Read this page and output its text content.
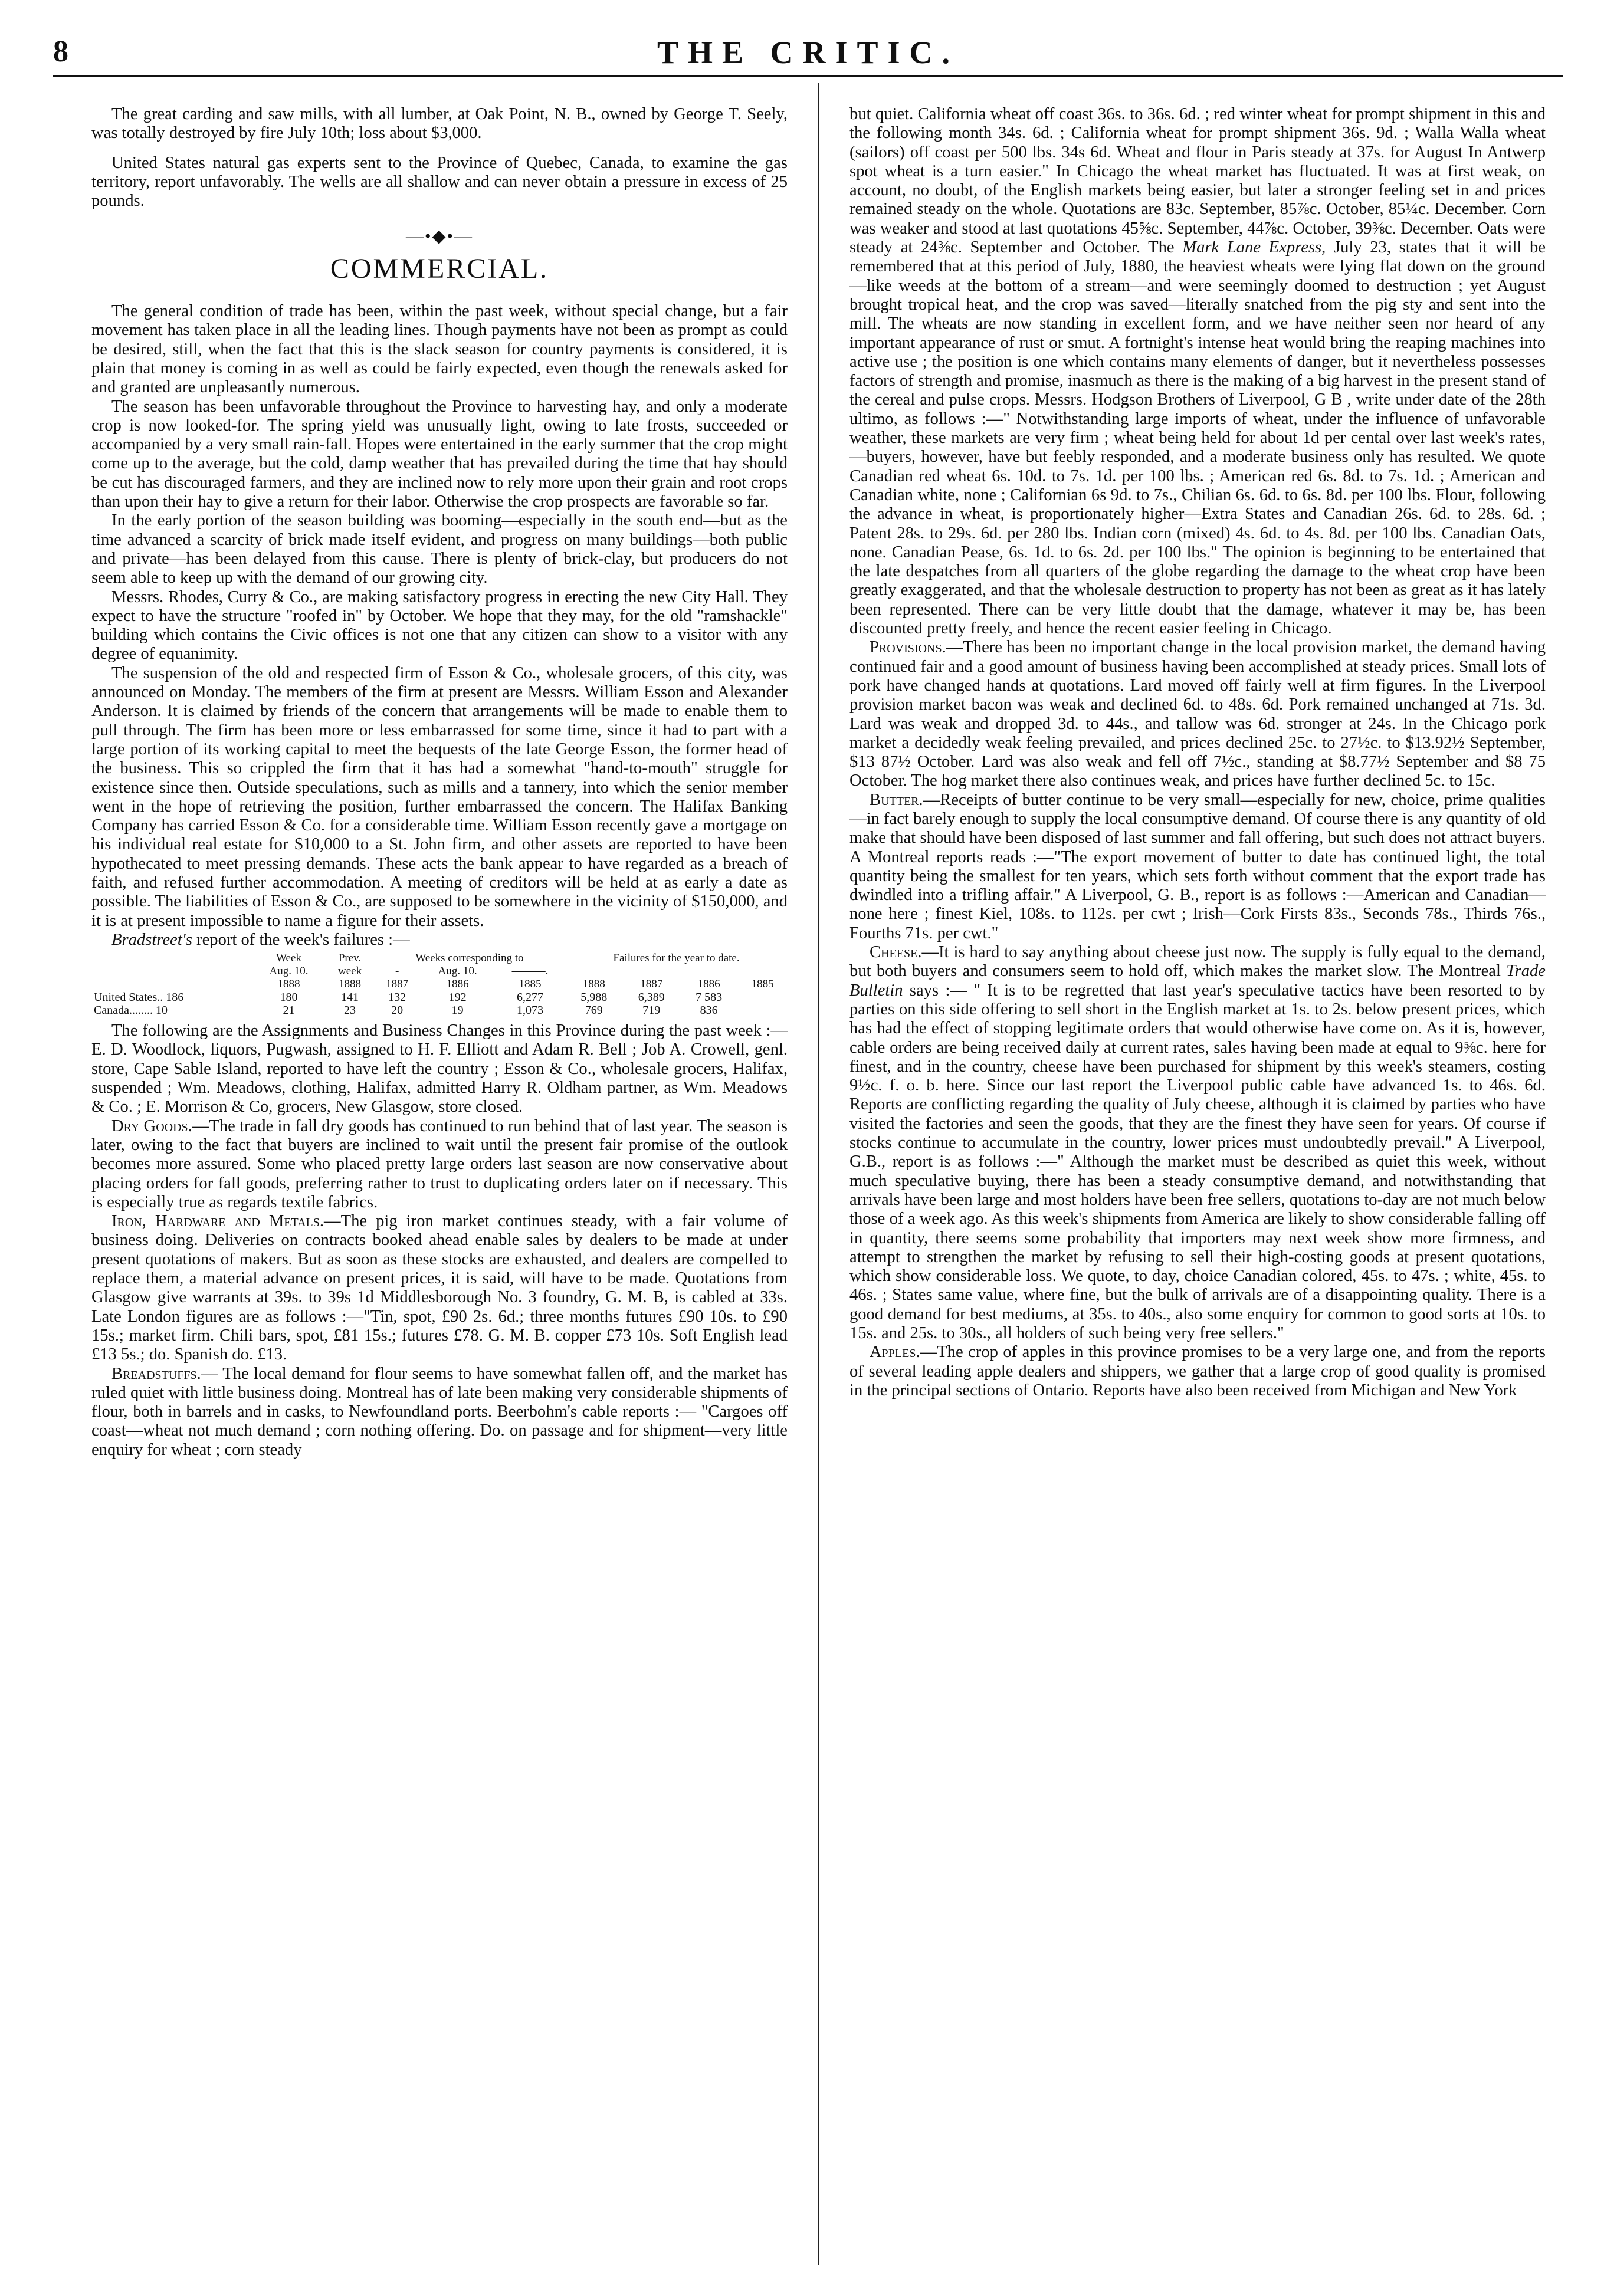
8	THE CRITIC.

The great carding and saw mills, with all lumber, at Oak Point, N. B., owned by George T. Seely, was totally destroyed by fire July 10th; loss about $3,000.

United States natural gas experts sent to the Province of Quebec, Canada, to examine the gas territory, report unfavorably. The wells are all shallow and can never obtain a pressure in excess of 25 pounds.

—•◆•—
COMMERCIAL.

The general condition of trade has been, within the past week, without special change, but a fair movement has taken place in all the leading lines. Though payments have not been as prompt as could be desired, still, when the fact that this is the slack season for country payments is considered, it is plain that money is coming in as well as could be fairly expected, even though the renewals asked for and granted are unpleasantly numerous.

The season has been unfavorable throughout the Province to harvesting hay, and only a moderate crop is now looked-for. The spring yield was unusually light, owing to late frosts, succeeded or accompanied by a very small rain-fall. Hopes were entertained in the early summer that the crop might come up to the average, but the cold, damp weather that has prevailed during the time that hay should be cut has discouraged farmers, and they are inclined now to rely more upon their grain and root crops than upon their hay to give a return for their labor. Otherwise the crop prospects are favorable so far.

In the early portion of the season building was booming—especially in the south end—but as the time advanced a scarcity of brick made itself evident, and progress on many buildings—both public and private—has been delayed from this cause. There is plenty of brick-clay, but producers do not seem able to keep up with the demand of our growing city.

Messrs. Rhodes, Curry & Co., are making satisfactory progress in erecting the new City Hall. They expect to have the structure "roofed in" by October. We hope that they may, for the old "ramshackle" building which contains the Civic offices is not one that any citizen can show to a visitor with any degree of equanimity.

The suspension of the old and respected firm of Esson & Co., wholesale grocers, of this city, was announced on Monday. The members of the firm at present are Messrs. William Esson and Alexander Anderson. It is claimed by friends of the concern that arrangements will be made to enable them to pull through. The firm has been more or less embarrassed for some time, since it had to part with a large portion of its working capital to meet the bequests of the late George Esson, the former head of the business. This so crippled the firm that it has had a somewhat "hand-to-mouth" struggle for existence since then. Outside speculations, such as mills and a tannery, into which the senior member went in the hope of retrieving the position, further embarrassed the concern. The Halifax Banking Company has carried Esson & Co. for a considerable time. William Esson recently gave a mortgage on his individual real estate for $10,000 to a St. John firm, and other assets are reported to have been hypothecated to meet pressing demands. These acts the bank appear to have regarded as a breach of faith, and refused further accommodation. A meeting of creditors will be held at as early a date as possible. The liabilities of Esson & Co., are supposed to be somewhere in the vicinity of $150,000, and it is at present impossible to name a figure for their assets.

Bradstreet's report of the week's failures :—

	Week	Prev.	Weeks corresponding to			Failures for the year to date.			
	Aug. 10.	week	-	Aug. 10.	———.				
	1888	1888	1887	1886	1885	1888	1887	1886	1885
United States.. 186	180	141	132	192	6,277	5,988	6,389	7 583	
Canada........ 10	21	23	20	19	1,073	769	719	836	

The following are the Assignments and Business Changes in this Province during the past week :—E. D. Woodlock, liquors, Pugwash, assigned to H. F. Elliott and Adam R. Bell ; Job A. Crowell, genl. store, Cape Sable Island, reported to have left the country ; Esson & Co., wholesale grocers, Halifax, suspended ; Wm. Meadows, clothing, Halifax, admitted Harry R. Oldham partner, as Wm. Meadows & Co. ; E. Morrison & Co, grocers, New Glasgow, store closed.

Dry Goods.—The trade in fall dry goods has continued to run behind that of last year. The season is later, owing to the fact that buyers are inclined to wait until the present fair promise of the outlook becomes more assured. Some who placed pretty large orders last season are now conservative about placing orders for fall goods, preferring rather to trust to duplicating orders later on if necessary. This is especially true as regards textile fabrics.

Iron, Hardware and Metals.—The pig iron market continues steady, with a fair volume of business doing. Deliveries on contracts booked ahead enable sales by dealers to be made at under present quotations of makers. But as soon as these stocks are exhausted, and dealers are compelled to replace them, a material advance on present prices, it is said, will have to be made. Quotations from Glasgow give warrants at 39s. to 39s 1d Middlesborough No. 3 foundry, G. M. B, is cabled at 33s. Late London figures are as follows :—"Tin, spot, £90 2s. 6d.; three months futures £90 10s. to £90 15s.; market firm. Chili bars, spot, £81 15s.; futures £78. G. M. B. copper £73 10s. Soft English lead £13 5s.; do. Spanish do. £13.

Breadstuffs.— The local demand for flour seems to have somewhat fallen off, and the market has ruled quiet with little business doing. Montreal has of late been making very considerable shipments of flour, both in barrels and in casks, to Newfoundland ports. Beerbohm's cable reports :— "Cargoes off coast—wheat not much demand ; corn nothing offering. Do. on passage and for shipment—very little enquiry for wheat ; corn steady

but quiet. California wheat off coast 36s. to 36s. 6d. ; red winter wheat for prompt shipment in this and the following month 34s. 6d. ; California wheat for prompt shipment 36s. 9d. ; Walla Walla wheat (sailors) off coast per 500 lbs. 34s 6d. Wheat and flour in Paris steady at 37s. for August In Antwerp spot wheat is a turn easier." In Chicago the wheat market has fluctuated. It was at first weak, on account, no doubt, of the English markets being easier, but later a stronger feeling set in and prices remained steady on the whole. Quotations are 83c. September, 85⅞c. October, 85¼c. December. Corn was weaker and stood at last quotations 45⅝c. September, 44⅞c. October, 39⅜c. December. Oats were steady at 24⅜c. September and October. The Mark Lane Express, July 23, states that it will be remembered that at this period of July, 1880, the heaviest wheats were lying flat down on the ground—like weeds at the bottom of a stream—and were seemingly doomed to destruction ; yet August brought tropical heat, and the crop was saved—literally snatched from the pig sty and sent into the mill. The wheats are now standing in excellent form, and we have neither seen nor heard of any important appearance of rust or smut. A fortnight's intense heat would bring the reaping machines into active use ; the position is one which contains many elements of danger, but it nevertheless possesses factors of strength and promise, inasmuch as there is the making of a big harvest in the present stand of the cereal and pulse crops. Messrs. Hodgson Brothers of Liverpool, G B , write under date of the 28th ultimo, as follows :—" Notwithstanding large imports of wheat, under the influence of unfavorable weather, these markets are very firm ; wheat being held for about 1d per cental over last week's rates,—buyers, however, have but feebly responded, and a moderate business only has resulted. We quote Canadian red wheat 6s. 10d. to 7s. 1d. per 100 lbs. ; American red 6s. 8d. to 7s. 1d. ; American and Canadian white, none ; Californian 6s 9d. to 7s., Chilian 6s. 6d. to 6s. 8d. per 100 lbs. Flour, following the advance in wheat, is proportionately higher—Extra States and Canadian 26s. 6d. to 28s. 6d. ; Patent 28s. to 29s. 6d. per 280 lbs. Indian corn (mixed) 4s. 6d. to 4s. 8d. per 100 lbs. Canadian Oats, none. Canadian Pease, 6s. 1d. to 6s. 2d. per 100 lbs." The opinion is beginning to be entertained that the late despatches from all quarters of the globe regarding the damage to the wheat crop have been greatly exaggerated, and that the wholesale destruction to property has not been as great as it has lately been represented. There can be very little doubt that the damage, whatever it may be, has been discounted pretty freely, and hence the recent easier feeling in Chicago.

Provisions.—There has been no important change in the local provision market, the demand having continued fair and a good amount of business having been accomplished at steady prices. Small lots of pork have changed hands at quotations. Lard moved off fairly well at firm figures. In the Liverpool provision market bacon was weak and declined 6d. to 48s. 6d. Pork remained unchanged at 71s. 3d. Lard was weak and dropped 3d. to 44s., and tallow was 6d. stronger at 24s. In the Chicago pork market a decidedly weak feeling prevailed, and prices declined 25c. to 27½c. to $13.92½ September, $13 87½ October. Lard was also weak and fell off 7½c., standing at $8.77½ September and $8 75 October. The hog market there also continues weak, and prices have further declined 5c. to 15c.

Butter.—Receipts of butter continue to be very small—especially for new, choice, prime qualities—in fact barely enough to supply the local consumptive demand. Of course there is any quantity of old make that should have been disposed of last summer and fall offering, but such does not attract buyers. A Montreal reports reads :—"The export movement of butter to date has continued light, the total quantity being the smallest for ten years, which sets forth without comment that the export trade has dwindled into a trifling affair." A Liverpool, G. B., report is as follows :—American and Canadian—none here ; finest Kiel, 108s. to 112s. per cwt ; Irish—Cork Firsts 83s., Seconds 78s., Thirds 76s., Fourths 71s. per cwt."

Cheese.—It is hard to say anything about cheese just now. The supply is fully equal to the demand, but both buyers and consumers seem to hold off, which makes the market slow. The Montreal Trade Bulletin says :— " It is to be regretted that last year's speculative tactics have been resorted to by parties on this side offering to sell short in the English market at 1s. to 2s. below present prices, which has had the effect of stopping legitimate orders that would otherwise have come on. As it is, however, cable orders are being received daily at current rates, sales having been made at equal to 9⅝c. here for finest, and in the country, cheese have been purchased for shipment by this week's steamers, costing 9½c. f. o. b. here. Since our last report the Liverpool public cable have advanced 1s. to 46s. 6d. Reports are conflicting regarding the quality of July cheese, although it is claimed by parties who have visited the factories and seen the goods, that they are the finest they have seen for years. Of course if stocks continue to accumulate in the country, lower prices must undoubtedly prevail." A Liverpool, G.B., report is as follows :—" Although the market must be described as quiet this week, without much speculative buying, there has been a steady consumptive demand, and notwithstanding that arrivals have been large and most holders have been free sellers, quotations to-day are not much below those of a week ago. As this week's shipments from America are likely to show considerable falling off in quantity, there seems some probability that importers may next week show more firmness, and attempt to strengthen the market by refusing to sell their high-costing goods at present quotations, which show considerable loss. We quote, to day, choice Canadian colored, 45s. to 47s. ; white, 45s. to 46s. ; States same value, where fine, but the bulk of arrivals are of a disappointing quality. There is a good demand for best mediums, at 35s. to 40s., also some enquiry for common to good sorts at 10s. to 15s. and 25s. to 30s., all holders of such being very free sellers."

Apples.—The crop of apples in this province promises to be a very large one, and from the reports of several leading apple dealers and shippers, we gather that a large crop of good quality is promised in the principal sections of Ontario. Reports have also been received from Michigan and New York
